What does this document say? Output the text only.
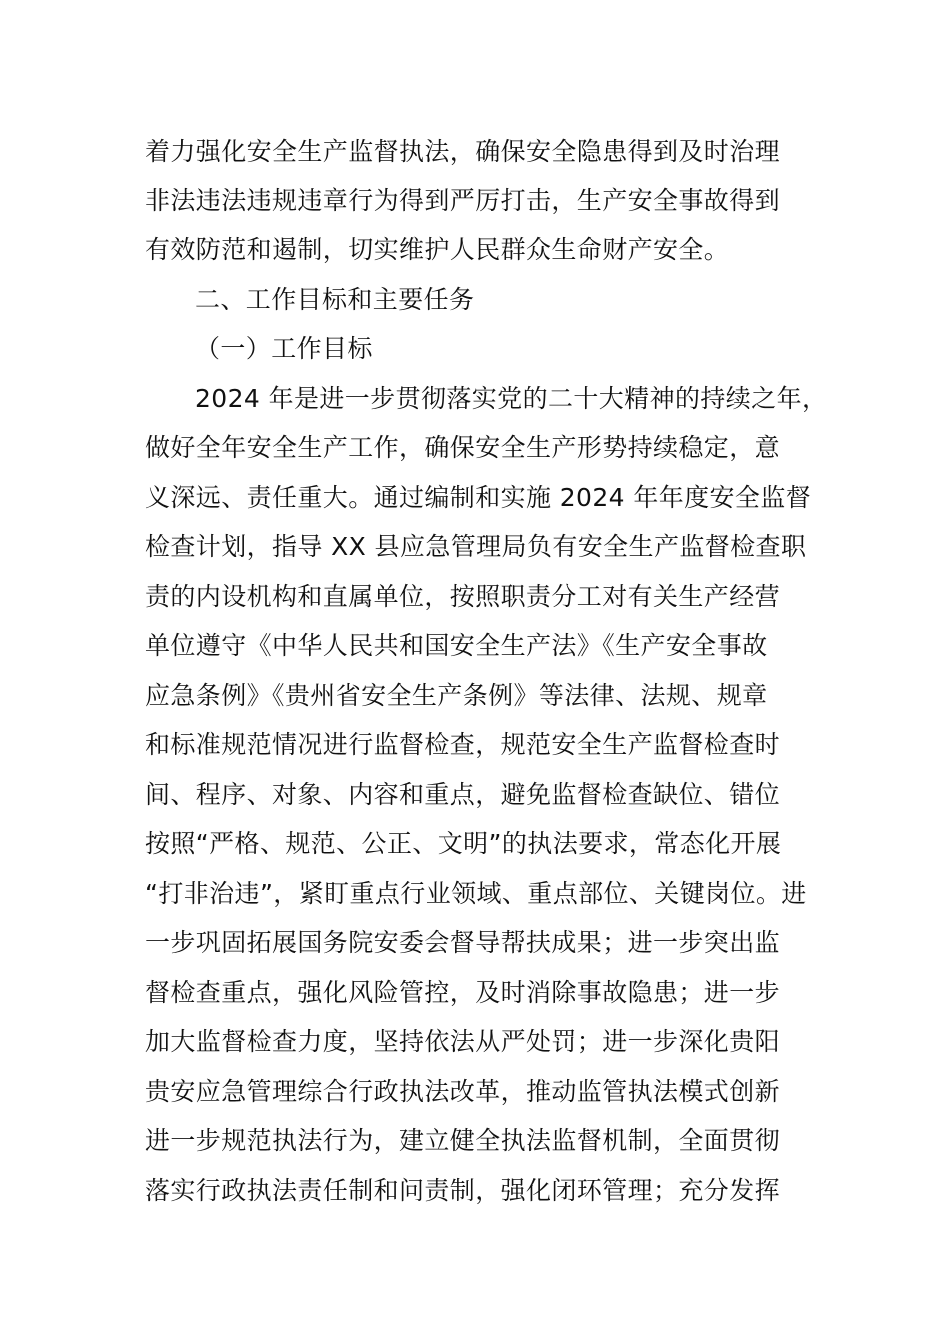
着力强化安全生产监督执法，确保安全隐患得到及时治理
非法违法违规违章行为得到严厉打击，生产安全事故得到
有效防范和遏制，切实维护人民群众生命财产安全。
二、工作目标和主要任务
（一）工作目标
2024 年是进一步贯彻落实党的二十大精神的持续之年，
做好全年安全生产工作，确保安全生产形势持续稳定，意
义深远、责任重大。通过编制和实施 2024 年年度安全监督
检查计划，指导 XX 县应急管理局负有安全生产监督检查职
责的内设机构和直属单位，按照职责分工对有关生产经营
单位遵守《中华人民共和国安全生产法》《生产安全事故
应急条例》《贵州省安全生产条例》等法律、法规、规章
和标准规范情况进行监督检查，规范安全生产监督检查时
间、程序、对象、内容和重点，避免监督检查缺位、错位
按照“严格、规范、公正、文明”的执法要求，常态化开展
“打非治违”，紧盯重点行业领域、重点部位、关键岗位。进
一步巩固拓展国务院安委会督导帮扶成果；进一步突出监
督检查重点，强化风险管控，及时消除事故隐患；进一步
加大监督检查力度，坚持依法从严处罚；进一步深化贵阳
贵安应急管理综合行政执法改革，推动监管执法模式创新
进一步规范执法行为，建立健全执法监督机制，全面贯彻
落实行政执法责任制和问责制，强化闭环管理；充分发挥
